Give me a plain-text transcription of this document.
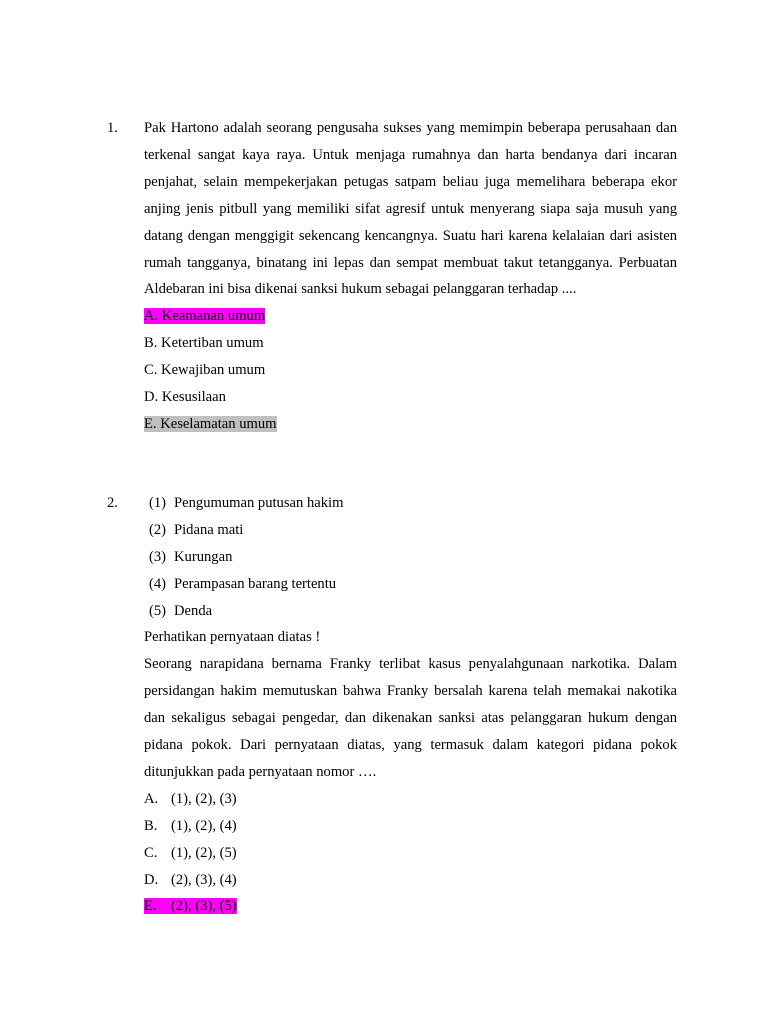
1. Pak Hartono adalah seorang pengusaha sukses yang memimpin beberapa perusahaan dan terkenal sangat kaya raya. Untuk menjaga rumahnya dan harta bendanya dari incaran penjahat, selain mempekerjakan petugas satpam beliau juga memelihara beberapa ekor anjing jenis pitbull yang memiliki sifat agresif untuk menyerang siapa saja musuh yang datang dengan menggigit sekencang kencangnya. Suatu hari karena kelalaian dari asisten rumah tangganya, binatang ini lepas dan sempat membuat takut tetangganya. Perbuatan Aldebaran ini bisa dikenai sanksi hukum sebagai pelanggaran terhadap ....

A. Keamanan umum
B. Ketertiban umum
C. Kewajiban umum
D. Kesusilaan
E. Keselamatan umum
2.	(1) Pengumuman putusan hakim
(2) Pidana mati
(3) Kurungan
(4) Perampasan barang tertentu
(5) Denda
Perhatikan pernyataan diatas !

Seorang narapidana bernama Franky terlibat kasus penyalahgunaan narkotika. Dalam persidangan hakim memutuskan bahwa Franky bersalah karena telah memakai nakotika dan sekaligus sebagai pengedar, dan dikenakan sanksi atas pelanggaran hukum dengan pidana pokok. Dari pernyataan diatas, yang termasuk dalam kategori pidana pokok ditunjukkan pada pernyataan nomor ….

A. (1), (2), (3)
B. (1), (2), (4)
C. (1), (2), (5)
D. (2), (3), (4)
E. (2), (3), (5)
